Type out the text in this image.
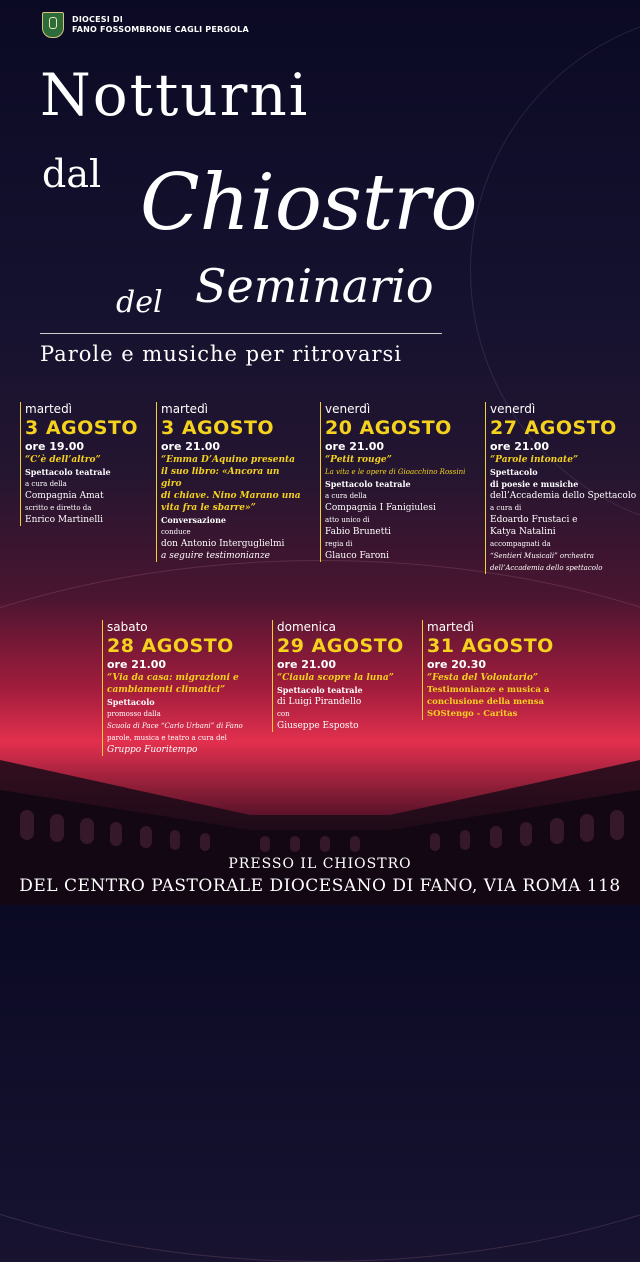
DIOCESI DI
FANO FOSSOMBRONE CAGLI PERGOLA
Notturni
dal Chiostro
del Seminario
Parole e musiche per ritrovarsi
martedì
3 AGOSTO
ore 19.00
“C’è dell’altro”
Spettacolo teatrale
a cura della
Compagnia Amat
scritto e diretto da
Enrico Martinelli
martedì
3 AGOSTO
ore 21.00
“Emma D’Aquino presenta
il suo libro: «Ancora un giro
di chiave. Nino Marano una
vita fra le sbarre»”
Conversazione
conduce
don Antonio Interguglielmi
a seguire testimonianze
venerdì
20 AGOSTO
ore 21.00
“Petit rouge”
La vita e le opere di Gioacchino Rossini
Spettacolo teatrale
a cura della
Compagnia I Fanigiulesi
atto unico di
Fabio Brunetti
regia di
Glauco Faroni
venerdì
27 AGOSTO
ore 21.00
“Parole intonate”
Spettacolo
di poesie e musiche
dell’Accademia dello Spettacolo
a cura di
Edoardo Frustaci e
Katya Natalini
accompagnati da
“Sentieri Musicali” orchestra
dell’Accademia dello spettacolo
sabato
28 AGOSTO
ore 21.00
“Via da casa: migrazioni e
cambiamenti climatici”
Spettacolo
promosso dalla
Scuola di Pace “Carlo Urbani” di Fano
parole, musica e teatro a cura del
Gruppo Fuoritempo
domenica
29 AGOSTO
ore 21.00
“Ciaula scopre la luna”
Spettacolo teatrale
di Luigi Pirandello
con
Giuseppe Esposto
martedì
31 AGOSTO
ore 20.30
“Festa del Volontario”
Testimonianze e musica a
conclusione della mensa
SOStengo - Caritas
PRESSO IL CHIOSTRO
DEL CENTRO PASTORALE DIOCESANO DI FANO, VIA ROMA 118
